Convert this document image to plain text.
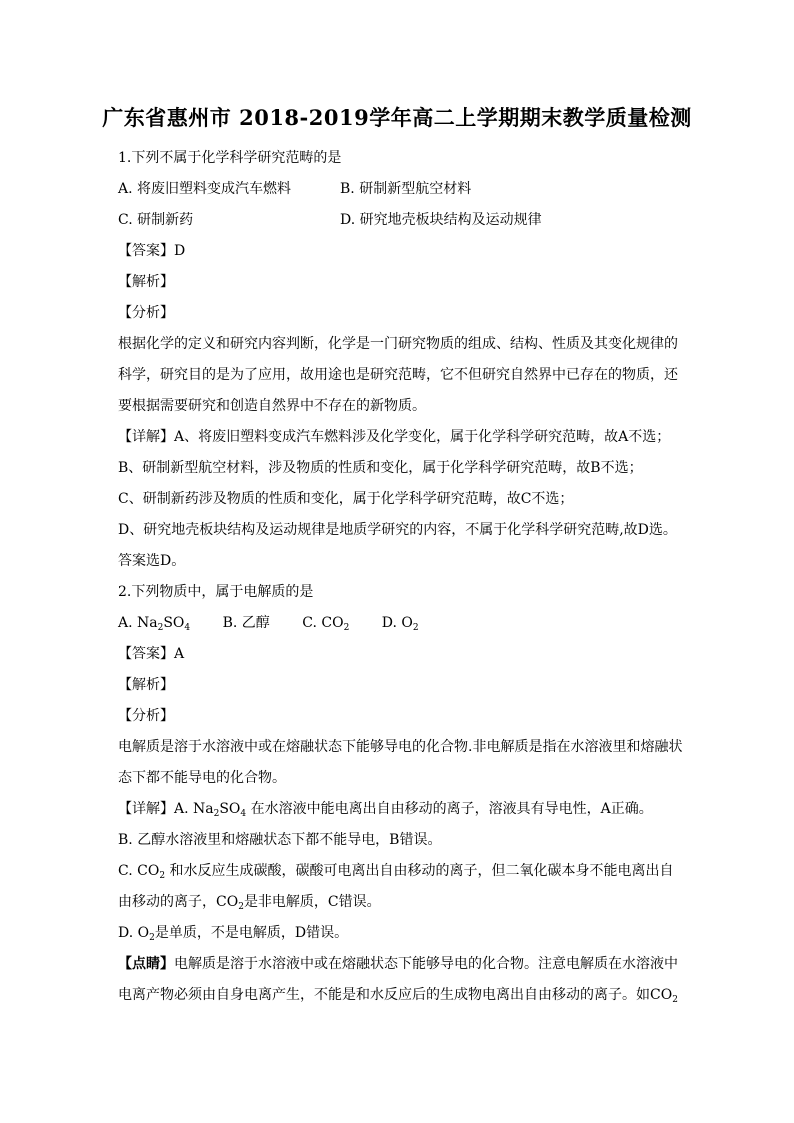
广东省惠州市 2018-2019学年高二上学期期末教学质量检测
1.下列不属于化学科学研究范畴的是
A. 将废旧塑料变成汽车燃料	B. 研制新型航空材料
C. 研制新药	D. 研究地壳板块结构及运动规律
【答案】D
【解析】
【分析】
根据化学的定义和研究内容判断，化学是一门研究物质的组成、结构、性质及其变化规律的科学，研究目的是为了应用，故用途也是研究范畴，它不但研究自然界中已存在的物质，还要根据需要研究和创造自然界中不存在的新物质。
【详解】A、将废旧塑料变成汽车燃料涉及化学变化，属于化学科学研究范畴，故A不选；
B、研制新型航空材料，涉及物质的性质和变化，属于化学科学研究范畴，故B不选；
C、研制新药涉及物质的性质和变化，属于化学科学研究范畴，故C不选；
D、研究地壳板块结构及运动规律是地质学研究的内容，不属于化学科学研究范畴,故D选。
答案选D。
2.下列物质中，属于电解质的是
A. $Na_2SO_4$ B. 乙醇 C. $CO_2$ D. $O_2$
【答案】A
【解析】
【分析】
电解质是溶于水溶液中或在熔融状态下能够导电的化合物.非电解质是指在水溶液里和熔融状态下都不能导电的化合物。
【详解】A. $Na_2SO_4$ 在水溶液中能电离出自由移动的离子，溶液具有导电性，A正确。
B. 乙醇水溶液里和熔融状态下都不能导电，B错误。
C. $CO_2$ 和水反应生成碳酸，碳酸可电离出自由移动的离子，但二氧化碳本身不能电离出自由移动的离子，$CO_2$是非电解质，C错误。
D. $O_2$是单质，不是电解质，D错误。
【点睛】电解质是溶于水溶液中或在熔融状态下能够导电的化合物。注意电解质在水溶液中电离产物必须由自身电离产生，不能是和水反应后的生成物电离出自由移动的离子。如$CO_2$
